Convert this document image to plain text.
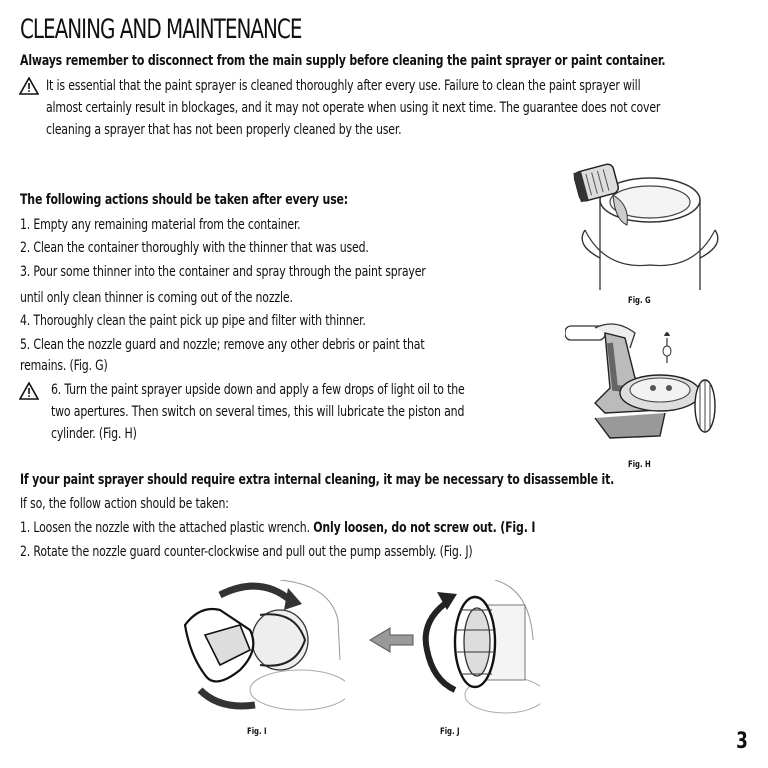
CLEANING AND MAINTENANCE
Always remember to disconnect from the main supply before cleaning the paint sprayer or paint container.
It is essential that the paint sprayer is cleaned thoroughly after every use. Failure to clean the paint sprayer will
almost certainly result in blockages, and it may not operate when using it next time. The guarantee does not cover
cleaning a sprayer that has not been properly cleaned by the user.
The following actions should be taken after every use:
1. Empty any remaining material from the container.
2. Clean the container thoroughly with the thinner that was used.
3. Pour some thinner into the container and spray through the paint sprayer
until only clean thinner is coming out of the nozzle.
4. Thoroughly clean the paint pick up pipe and filter with thinner.
5. Clean the nozzle guard and nozzle; remove any other debris or paint that
remains. (Fig. G)
6. Turn the paint sprayer upside down and apply a few drops of light oil to the
two apertures. Then switch on several times, this will lubricate the piston and
cylinder. (Fig. H)
If your paint sprayer should require extra internal cleaning, it may be necessary to disassemble it.
If so, the follow action should be taken:
1. Loosen the nozzle with the attached plastic wrench. Only loosen, do not screw out. (Fig. I
2. Rotate the nozzle guard counter-clockwise and pull out the pump assembly. (Fig. J)
Fig. G
Fig. H
Fig. I	Fig. J	3
